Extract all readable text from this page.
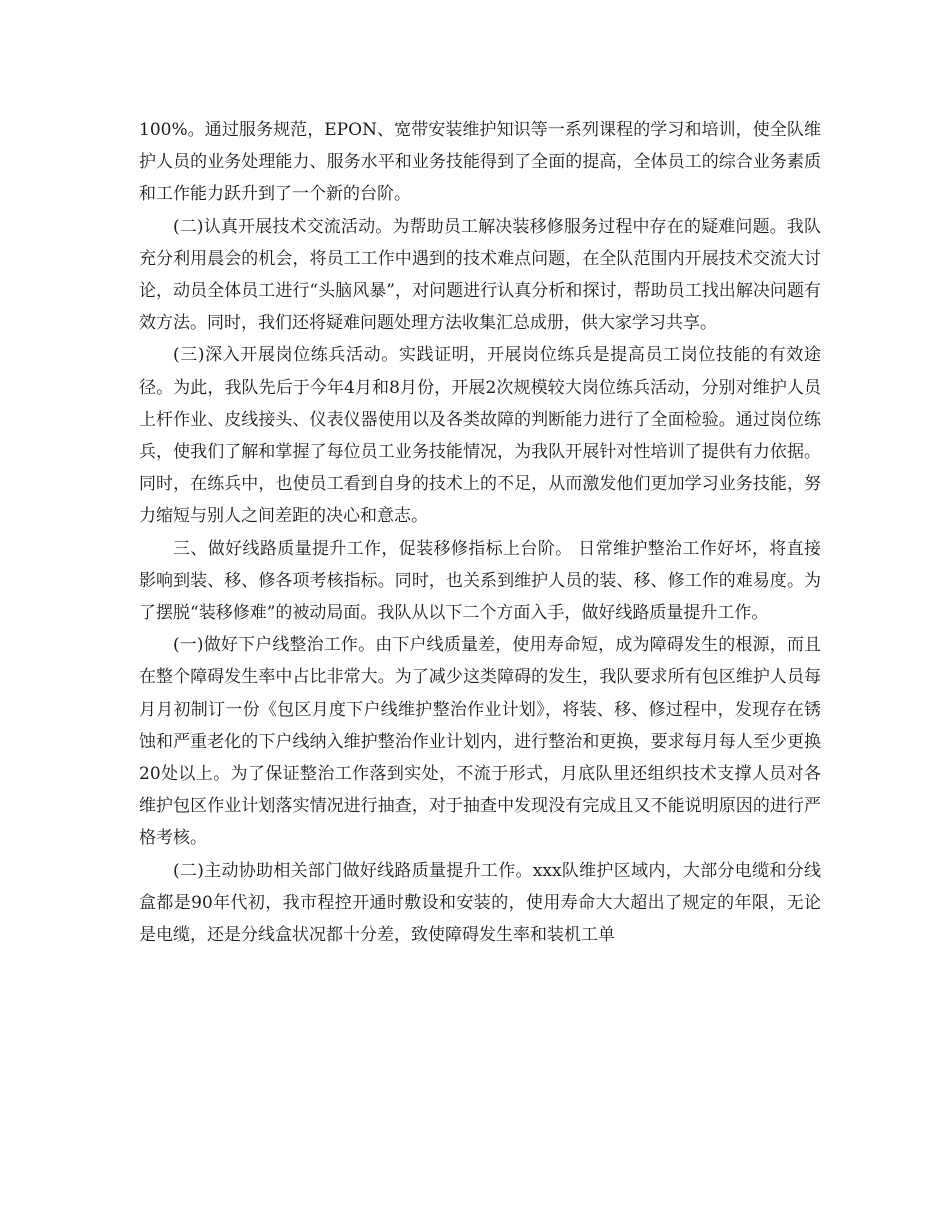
100%。通过服务规范，EPON、宽带安装维护知识等一系列课程的学习和培训，使全队维护人员的业务处理能力、服务水平和业务技能得到了全面的提高，全体员工的综合业务素质和工作能力跃升到了一个新的台阶。

(二)认真开展技术交流活动。为帮助员工解决装移修服务过程中存在的疑难问题。我队充分利用晨会的机会，将员工工作中遇到的技术难点问题，在全队范围内开展技术交流大讨论，动员全体员工进行“头脑风暴”，对问题进行认真分析和探讨，帮助员工找出解决问题有效方法。同时，我们还将疑难问题处理方法收集汇总成册，供大家学习共享。

(三)深入开展岗位练兵活动。实践证明，开展岗位练兵是提高员工岗位技能的有效途径。为此，我队先后于今年4月和8月份，开展2次规模较大岗位练兵活动，分别对维护人员上杆作业、皮线接头、仪表仪器使用以及各类故障的判断能力进行了全面检验。通过岗位练兵，使我们了解和掌握了每位员工业务技能情况，为我队开展针对性培训了提供有力依据。同时，在练兵中，也使员工看到自身的技术上的不足，从而激发他们更加学习业务技能，努力缩短与别人之间差距的决心和意志。

三、做好线路质量提升工作，促装移修指标上台阶。 日常维护整治工作好坏，将直接影响到装、移、修各项考核指标。同时，也关系到维护人员的装、移、修工作的难易度。为了摆脱“装移修难”的被动局面。我队从以下二个方面入手，做好线路质量提升工作。

(一)做好下户线整治工作。由下户线质量差，使用寿命短，成为障碍发生的根源，而且在整个障碍发生率中占比非常大。为了减少这类障碍的发生，我队要求所有包区维护人员每月月初制订一份《包区月度下户线维护整治作业计划》，将装、移、修过程中，发现存在锈蚀和严重老化的下户线纳入维护整治作业计划内，进行整治和更换，要求每月每人至少更换20处以上。为了保证整治工作落到实处，不流于形式，月底队里还组织技术支撑人员对各维护包区作业计划落实情况进行抽查，对于抽查中发现没有完成且又不能说明原因的进行严格考核。

(二)主动协助相关部门做好线路质量提升工作。xxx队维护区域内，大部分电缆和分线盒都是90年代初，我市程控开通时敷设和安装的，使用寿命大大超出了规定的年限，无论是电缆，还是分线盒状况都十分差，致使障碍发生率和装机工单
